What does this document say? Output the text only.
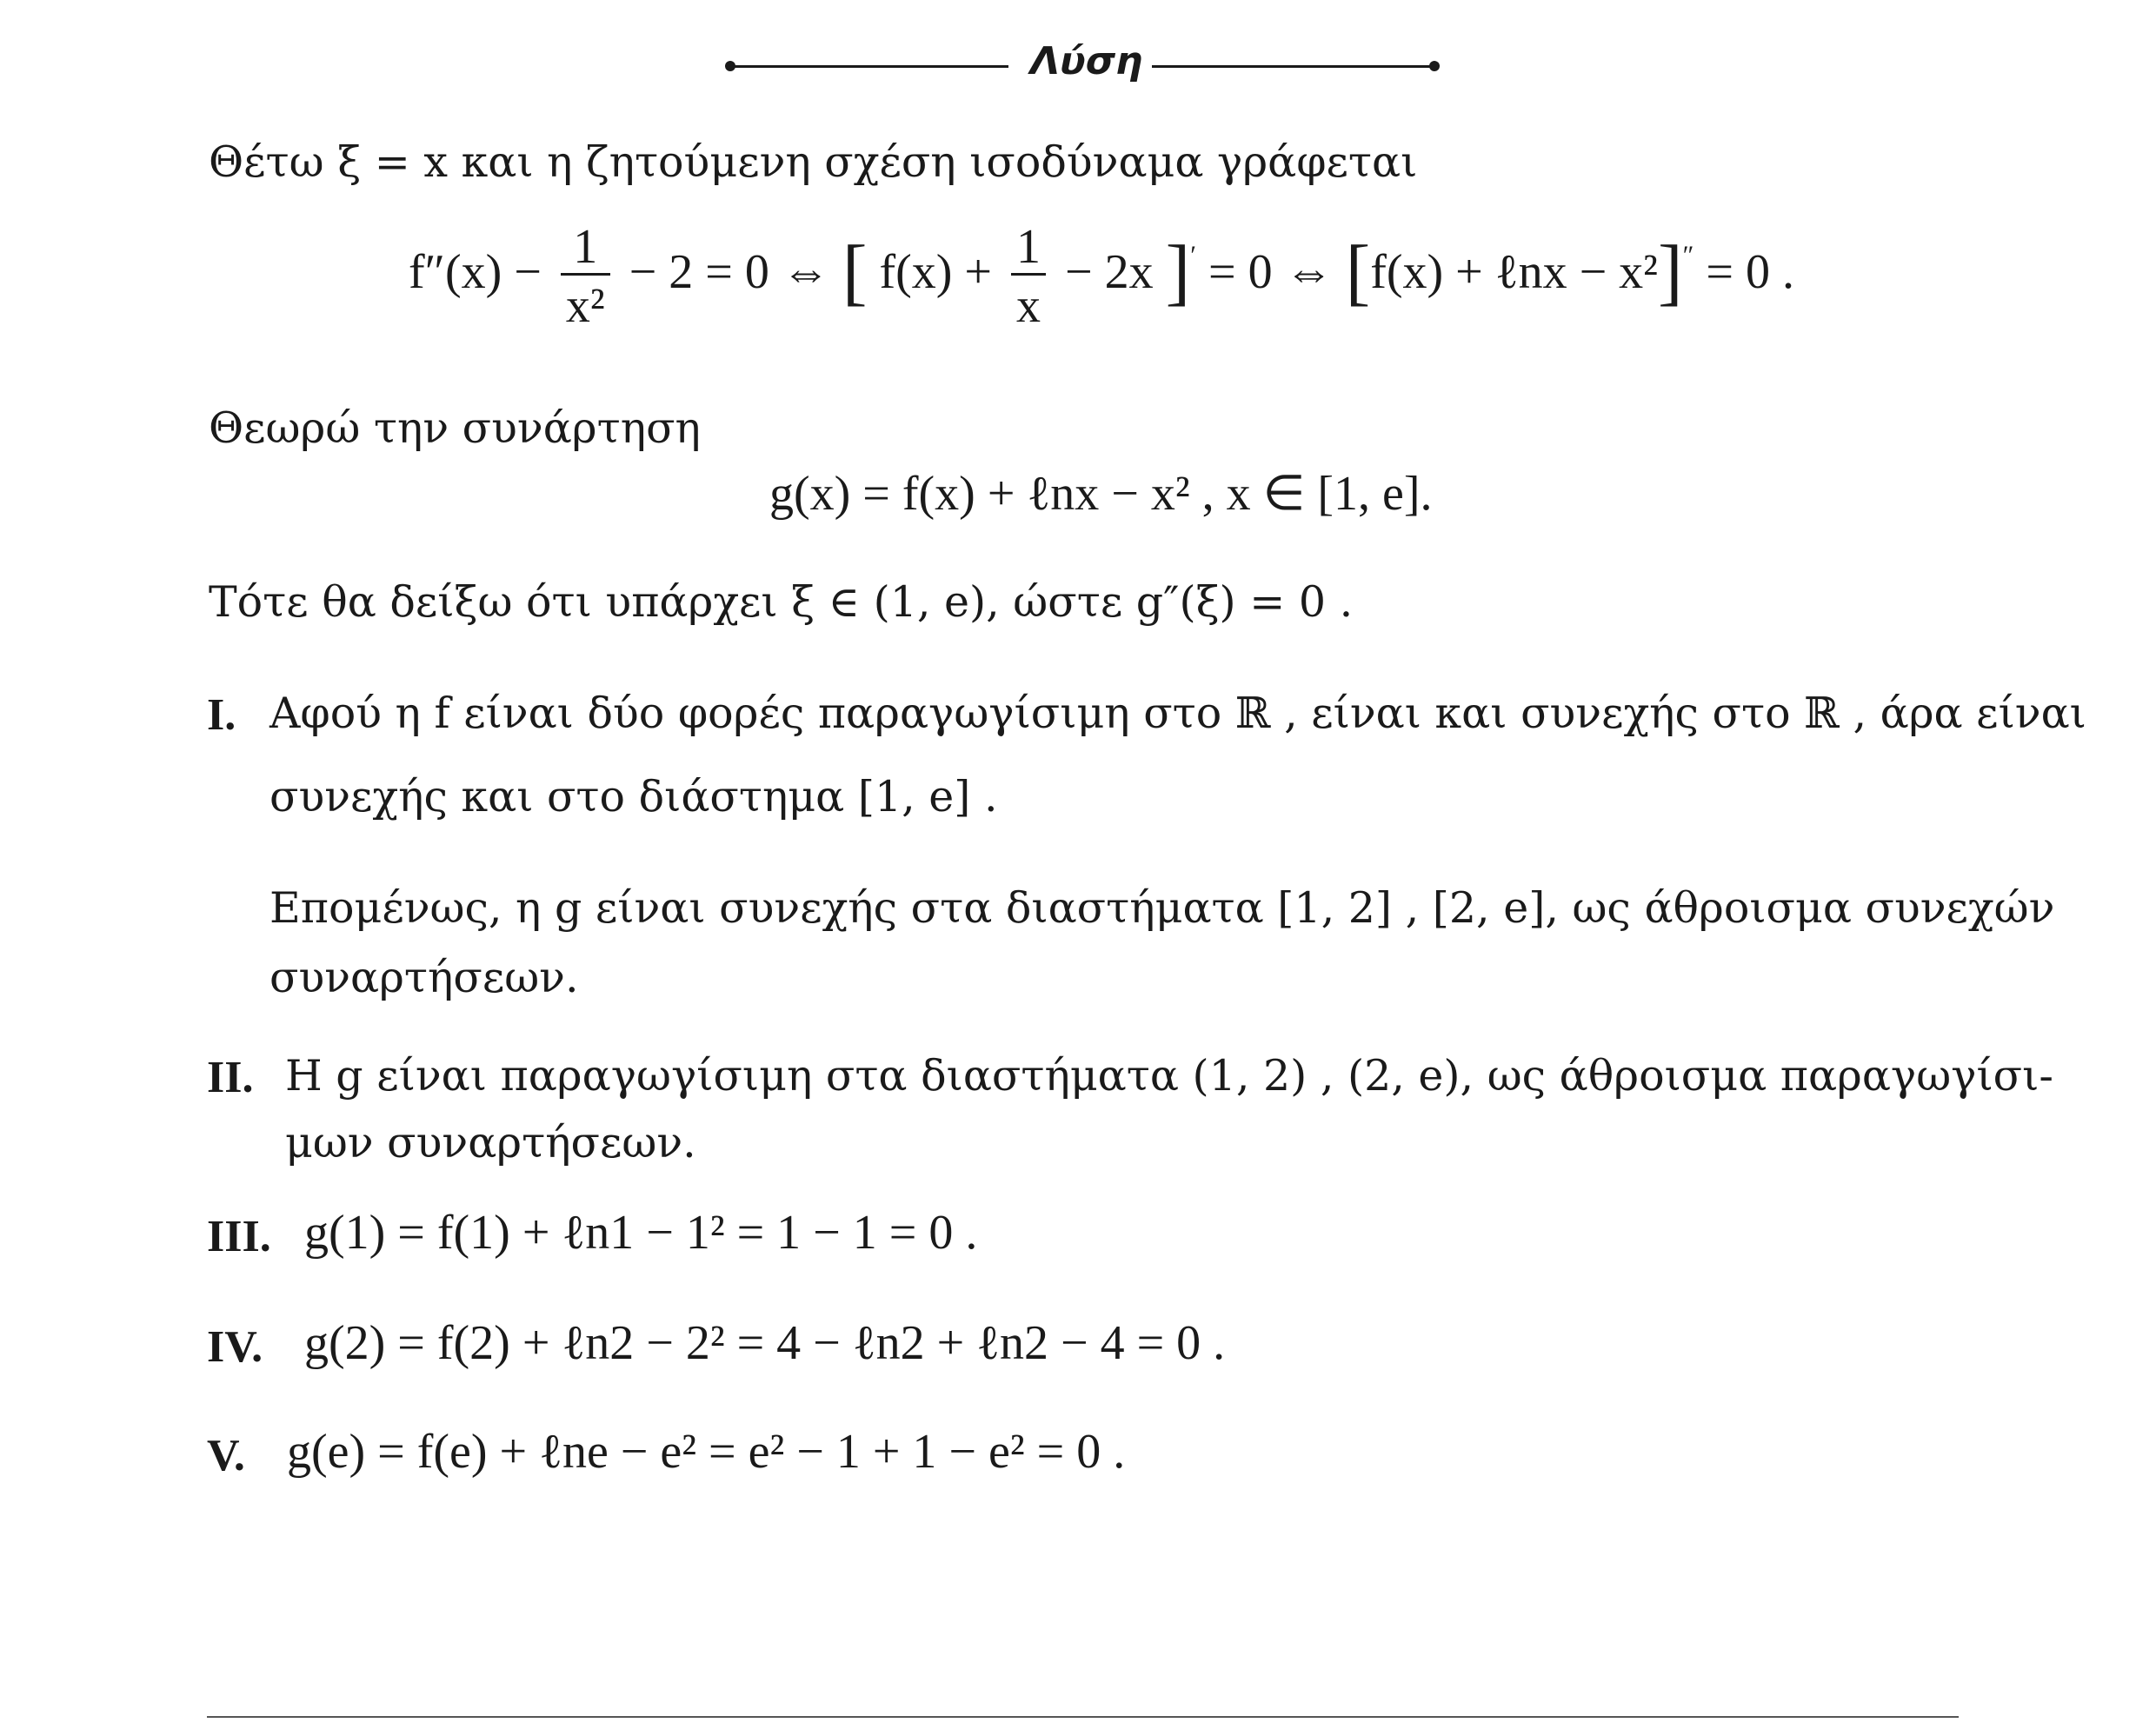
Λύση
Θέτω ξ = x και η ζητούμενη σχέση ισοδύναμα γράφεται
$f''(x) - \frac{1}{\text{x²}} - 2 = 0$ ⇔ [ $f(x) + \frac{1}{x} - 2x$ ]′ = 0 ⇔ [f(x) + ℓnx − x²]″ = 0 .
Θεωρώ την συνάρτηση
g(x) = f(x) + ℓnx − x² , x ∈ [1, e].
Τότε θα δείξω ότι υπάρχει ξ ∈ (1, e), ώστε g″(ξ) = 0 .
I. Αφού η f είναι δύο φορές παραγωγίσιμη στο ℝ , είναι και συνεχής στο ℝ , άρα είναι
συνεχής και στο διάστημα [1, e] .
Επομένως, η g είναι συνεχής στα διαστήματα [1, 2] , [2, e], ως άθροισμα συνεχών
συναρτήσεων.
II. Η g είναι παραγωγίσιμη στα διαστήματα (1, 2) , (2, e), ως άθροισμα παραγωγίσι-
μων συναρτήσεων.
III. g(1) = f(1) + ℓn1 − 1² = 1 − 1 = 0 .
IV. g(2) = f(2) + ℓn2 − 2² = 4 − ℓn2 + ℓn2 − 4 = 0 .
V. g(e) = f(e) + ℓne − e² = e² − 1 + 1 − e² = 0 .
